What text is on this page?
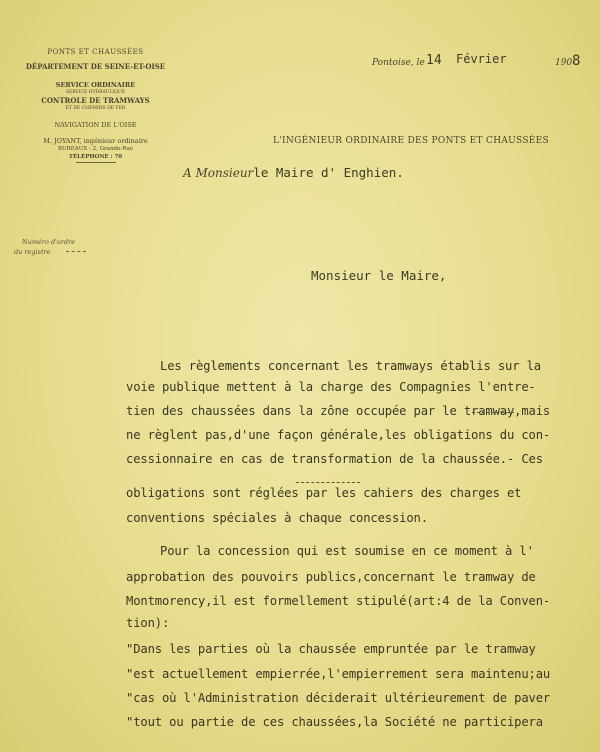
PONTS ET CHAUSSÉES
DÉPARTEMENT DE SEINE-ET-OISE
SERVICE ORDINAIRE
SERVICE HYDRAULIQUE
CONTROLE DE TRAMWAYS
ET DE CHEMINS DE FER
NAVIGATION DE L'OISE
M. JOYANT, ingénieur ordinaire
BUREAUX : 2, Grande-Rue
TÉLÉPHONE : 70
Numéro d'ordre
du registre
Pontoise, le 14 Février	190 8
L'INGÉNIEUR ORDINAIRE DES PONTS ET CHAUSSÉES
A Monsieurle Maire d' Enghien.
Monsieur le Maire,
Les règlements concernant les tramways établis sur la
voie publique mettent à la charge des Compagnies l'entre-
tien des chaussées dans la zône occupée par le tramway,mais
ne règlent pas,d'une façon générale,les obligations du con-
cessionnaire en cas de transformation de la chaussée.- Ces
obligations sont réglées par les cahiers des charges et
conventions spéciales à chaque concession.
Pour la concession qui est soumise en ce moment à l'
approbation des pouvoirs publics,concernant le tramway de
Montmorency,il est formellement stipulé(art:4 de la Conven-
tion):
"Dans les parties où la chaussée empruntée par le tramway
"est actuellement empierrée,l'empierrement sera maintenu;au
"cas où l'Administration déciderait ultérieurement de paver
"tout ou partie de ces chaussées,la Société ne participera
